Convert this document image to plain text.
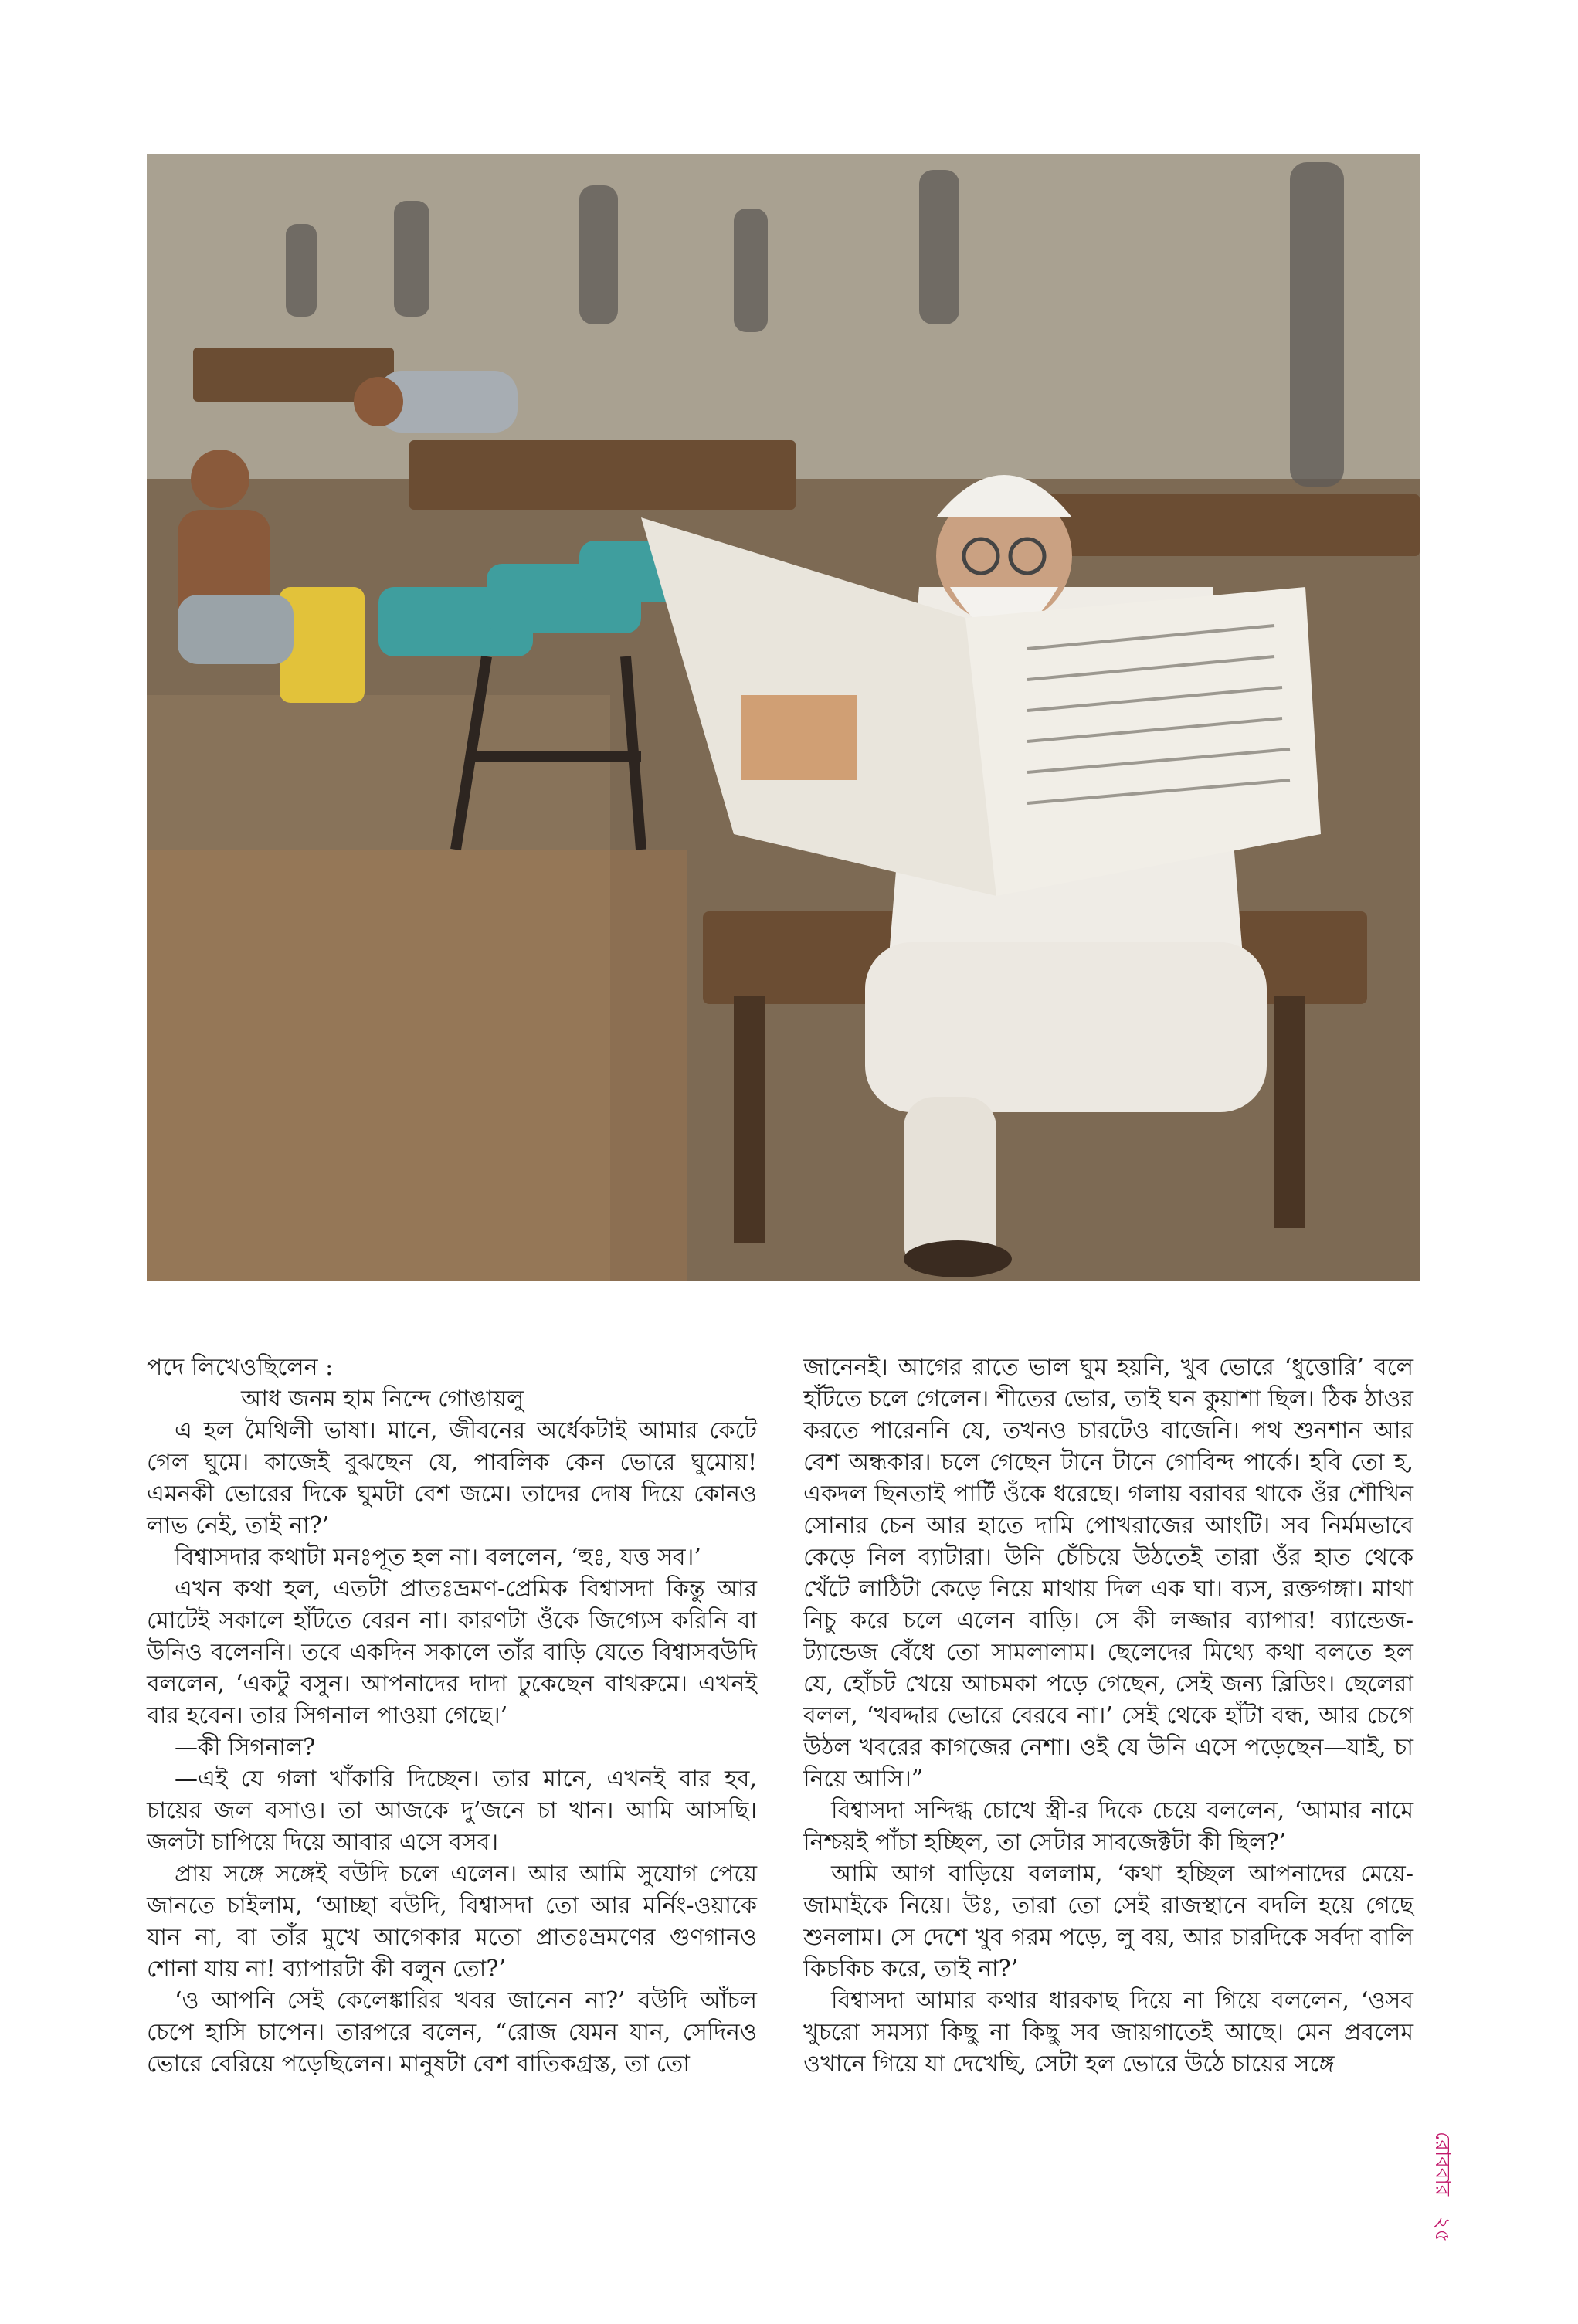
পদে লিখেওছিলেন :

আধ জনম হাম নিন্দে গোঙায়লু

এ হল মৈথিলী ভাষা। মানে, জীবনের অর্ধেকটাই আমার কেটে গেল ঘুমে। কাজেই বুঝছেন যে, পাবলিক কেন ভোরে ঘুমোয়! এমনকী ভোরের দিকে ঘুমটা বেশ জমে। তাদের দোষ দিয়ে কোনও লাভ নেই, তাই না?’

বিশ্বাসদার কথাটা মনঃপূত হল না। বললেন, ‘হুঃ, যত্ত সব।’

এখন কথা হল, এতটা প্রাতঃভ্রমণ-প্রেমিক বিশ্বাসদা কিন্তু আর মোটেই সকালে হাঁটতে বেরন না। কারণটা ওঁকে জিগ্যেস করিনি বা উনিও বলেননি। তবে একদিন সকালে তাঁর বাড়ি যেতে বিশ্বাসবউদি বললেন, ‘একটু বসুন। আপনাদের দাদা ঢুকেছেন বাথরুমে। এখনই বার হবেন। তার সিগনাল পাওয়া গেছে।’

—কী সিগনাল?

—এই যে গলা খাঁকারি দিচ্ছেন। তার মানে, এখনই বার হব, চায়ের জল বসাও। তা আজকে দু’জনে চা খান। আমি আসছি। জলটা চাপিয়ে দিয়ে আবার এসে বসব।

প্রায় সঙ্গে সঙ্গেই বউদি চলে এলেন। আর আমি সুযোগ পেয়ে জানতে চাইলাম, ‘আচ্ছা বউদি, বিশ্বাসদা তো আর মর্নিং-ওয়াকে যান না, বা তাঁর মুখে আগেকার মতো প্রাতঃভ্রমণের গুণগানও শোনা যায় না! ব্যাপারটা কী বলুন তো?’

‘ও আপনি সেই কেলেঙ্কারির খবর জানেন না?’ বউদি আঁচল চেপে হাসি চাপেন। তারপরে বলেন, “রোজ যেমন যান, সেদিনও ভোরে বেরিয়ে পড়েছিলেন। মানুষটা বেশ বাতিকগ্রস্ত, তা তো

জানেনই। আগের রাতে ভাল ঘুম হয়নি, খুব ভোরে ‘ধুত্তোরি’ বলে হাঁটতে চলে গেলেন। শীতের ভোর, তাই ঘন কুয়াশা ছিল। ঠিক ঠাওর করতে পারেননি যে, তখনও চারটেও বাজেনি। পথ শুনশান আর বেশ অন্ধকার। চলে গেছেন টানে টানে গোবিন্দ পার্কে। হবি তো হ, একদল ছিনতাই পার্টি ওঁকে ধরেছে। গলায় বরাবর থাকে ওঁর শৌখিন সোনার চেন আর হাতে দামি পোখরাজের আংটি। সব নির্মমভাবে কেড়ে নিল ব্যাটারা। উনি চেঁচিয়ে উঠতেই তারা ওঁর হাত থেকে খেঁটে লাঠিটা কেড়ে নিয়ে মাথায় দিল এক ঘা। ব্যস, রক্তগঙ্গা। মাথা নিচু করে চলে এলেন বাড়ি। সে কী লজ্জার ব্যাপার! ব্যান্ডেজ-ট্যান্ডেজ বেঁধে তো সামলালাম। ছেলেদের মিথ্যে কথা বলতে হল যে, হোঁচট খেয়ে আচমকা পড়ে গেছেন, সেই জন্য ব্লিডিং। ছেলেরা বলল, ‘খবদ্দার ভোরে বেরবে না।’ সেই থেকে হাঁটা বন্ধ, আর চেগে উঠল খবরের কাগজের নেশা। ওই যে উনি এসে পড়েছেন—যাই, চা নিয়ে আসি।”

বিশ্বাসদা সন্দিগ্ধ চোখে স্ত্রী-র দিকে চেয়ে বললেন, ‘আমার নামে নিশ্চয়ই পাঁচা হচ্ছিল, তা সেটার সাবজেক্টটা কী ছিল?’

আমি আগ বাড়িয়ে বললাম, ‘কথা হচ্ছিল আপনাদের মেয়ে-জামাইকে নিয়ে। উঃ, তারা তো সেই রাজস্থানে বদলি হয়ে গেছে শুনলাম। সে দেশে খুব গরম পড়ে, লু বয়, আর চারদিকে সর্বদা বালি কিচকিচ করে, তাই না?’

বিশ্বাসদা আমার কথার ধারকাছ দিয়ে না গিয়ে বললেন, ‘ওসব খুচরো সমস্যা কিছু না কিছু সব জায়গাতেই আছে। মেন প্রবলেম ওখানে গিয়ে যা দেখেছি, সেটা হল ভোরে উঠে চায়ের সঙ্গে

রোববার ২৫
